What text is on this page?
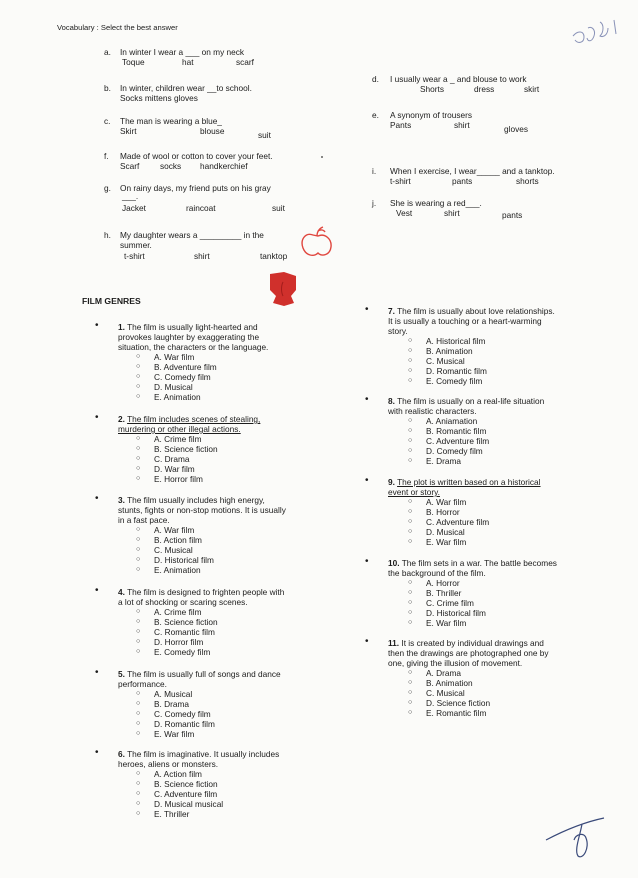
Vocabulary : Select the best answer
a. In winter I wear a ___ on my neck
Toque	hat	scarf
b. In winter, children wear __to school.
Socks mittens gloves
c. The man is wearing a blue_
Skirt	blouse	suit
f. Made of wool or cotton to cover your feet.
Scarf socks handkerchief
g. On rainy days, my friend puts on his gray
___.
Jacket	raincoat	suit
h. My daughter wears a _________ in the
summer.
t-shirt	shirt	tanktop
d. I usually wear a _ and blouse to work
Shorts	dress	skirt
e. A synonym of trousers
Pants	shirt	gloves
i. When I exercise, I wear_____ and a tanktop.
t-shirt	pants	shorts
j. She is wearing a red___.
Vest	shirt	pants
FILM GENRES
• 1. The film is usually light-hearted and
provokes laughter by exaggerating the
situation, the characters or the language.
○ A. War film
○ B. Adventure film
○ C. Comedy film
○ D. Musical
○ E. Animation
• 2. The film includes scenes of stealing,
murdering or other illegal actions.
○ A. Crime film
○ B. Science fiction
○ C. Drama
○ D. War film
○ E. Horror film
• 3. The film usually includes high energy,
stunts, fights or non-stop motions. It is usually
in a fast pace.
○ A. War film
○ B. Action film
○ C. Musical
○ D. Historical film
○ E. Animation
• 4. The film is designed to frighten people with
a lot of shocking or scaring scenes.
○ A. Crime film
○ B. Science fiction
○ C. Romantic film
○ D. Horror film
○ E. Comedy film
• 5. The film is usually full of songs and dance
performance.
○ A. Musical
○ B. Drama
○ C. Comedy film
○ D. Romantic film
○ E. War film
• 6. The film is imaginative. It usually includes
heroes, aliens or monsters.
○ A. Action film
○ B. Science fiction
○ C. Adventure film
○ D. Musical musical
○ E. Thriller
• 7. The film is usually about love relationships.
It is usually a touching or a heart-warming
story.
○ A. Historical film
○ B. Animation
○ C. Musical
○ D. Romantic film
○ E. Comedy film
• 8. The film is usually on a real-life situation
with realistic characters.
○ A. Aniamation
○ B. Romantic film
○ C. Adventure film
○ D. Comedy film
○ E. Drama
• 9. The plot is written based on a historical
event or story.
○ A. War film
○ B. Horror
○ C. Adventure film
○ D. Musical
○ E. War film
• 10. The film sets in a war. The battle becomes
the background of the film.
○ A. Horror
○ B. Thriller
○ C. Crime film
○ D. Historical film
○ E. War film
• 11. It is created by individual drawings and
then the drawings are photographed one by
one, giving the illusion of movement.
○ A. Drama
○ B. Animation
○ C. Musical
○ D. Science fiction
○ E. Romantic film
